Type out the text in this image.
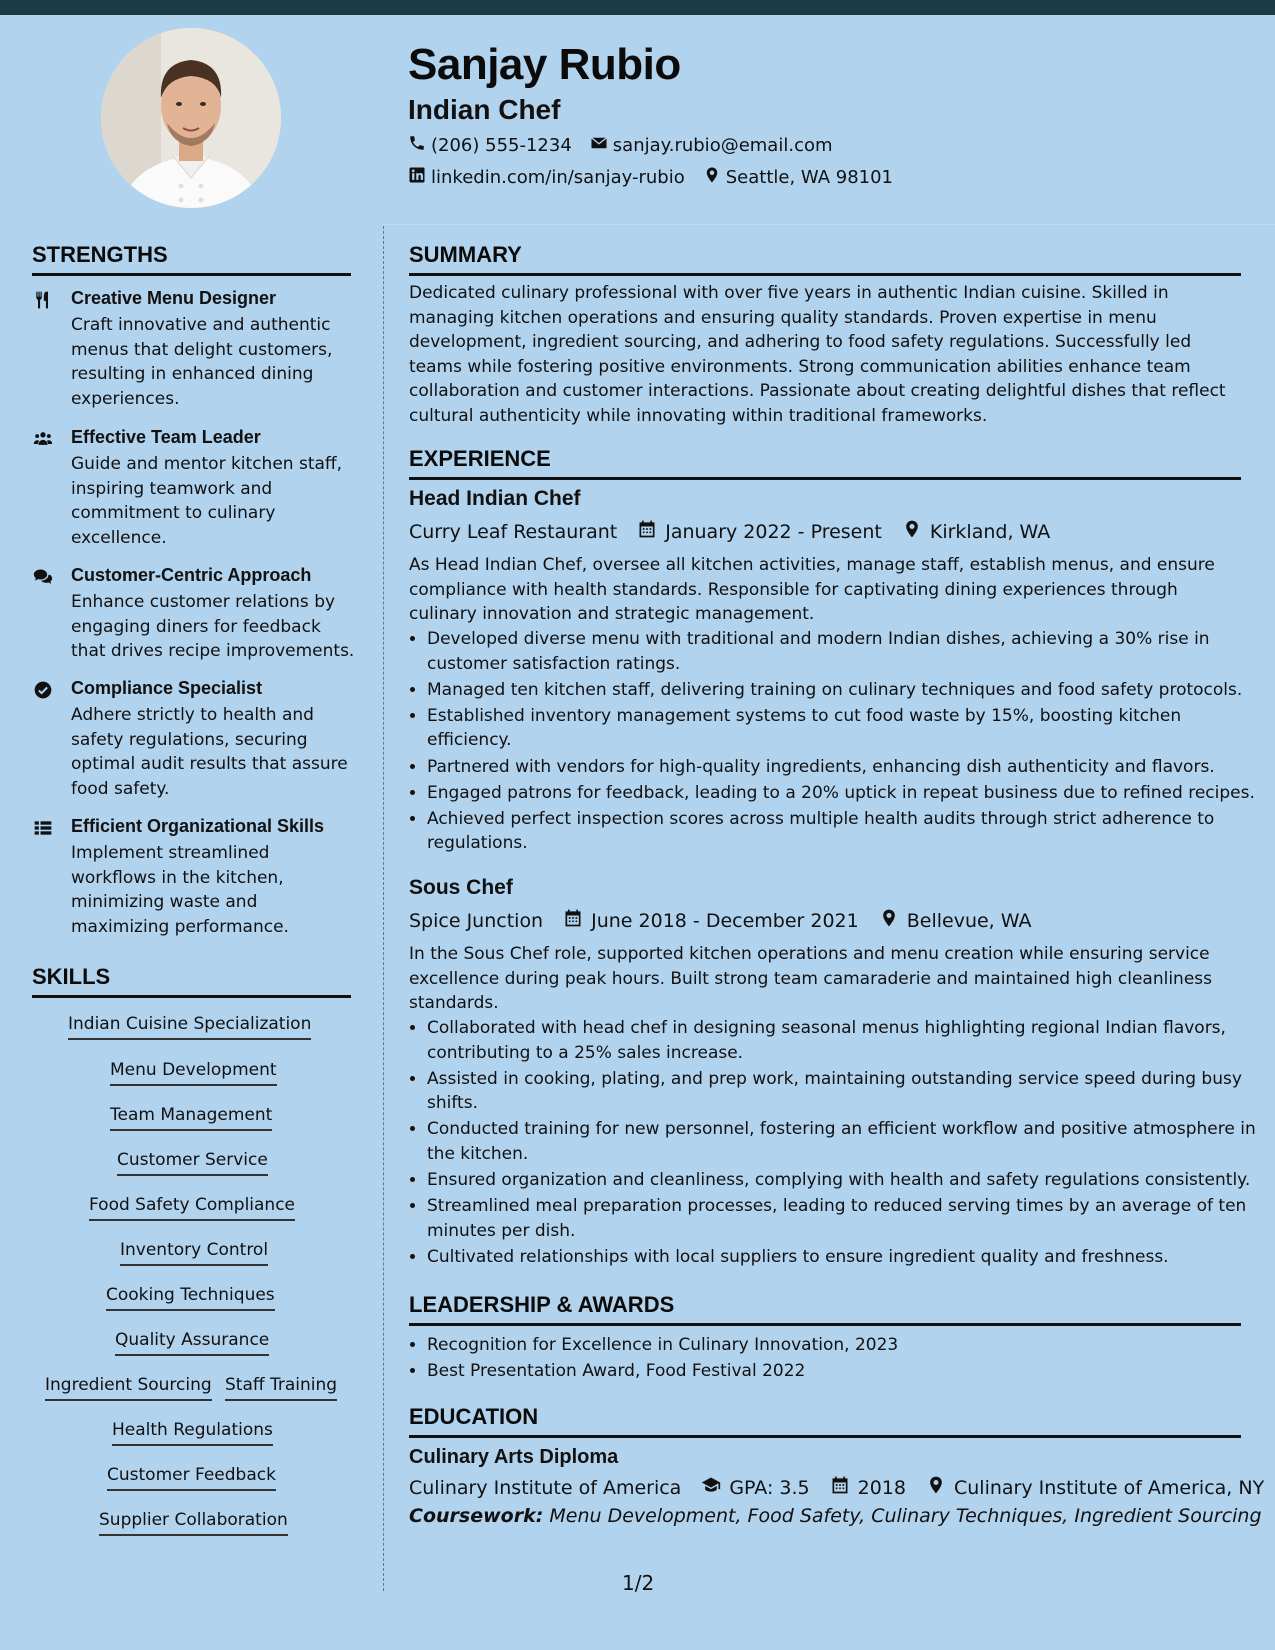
Sanjay Rubio
Indian Chef
(206) 555-1234 sanjay.rubio@email.com
linkedin.com/in/sanjay-rubio Seattle, WA 98101
STRENGTHS
Creative Menu Designer
Craft innovative and authentic menus that delight customers, resulting in enhanced dining experiences.
Effective Team Leader
Guide and mentor kitchen staff, inspiring teamwork and commitment to culinary excellence.
Customer-Centric Approach
Enhance customer relations by engaging diners for feedback that drives recipe improvements.
Compliance Specialist
Adhere strictly to health and safety regulations, securing optimal audit results that assure food safety.
Efficient Organizational Skills
Implement streamlined workflows in the kitchen, minimizing waste and maximizing performance.
SKILLS
Indian Cuisine Specialization
Menu Development
Team Management
Customer Service
Food Safety Compliance
Inventory Control
Cooking Techniques
Quality Assurance
Ingredient Sourcing Staff Training
Health Regulations
Customer Feedback
Supplier Collaboration
SUMMARY

Dedicated culinary professional with over five years in authentic Indian cuisine. Skilled in managing kitchen operations and ensuring quality standards. Proven expertise in menu development, ingredient sourcing, and adhering to food safety regulations. Successfully led teams while fostering positive environments. Strong communication abilities enhance team collaboration and customer interactions. Passionate about creating delightful dishes that reflect cultural authenticity while innovating within traditional frameworks.

EXPERIENCE
Head Indian Chef
Curry Leaf Restaurant	January 2022 - Present	Kirkland, WA

As Head Indian Chef, oversee all kitchen activities, manage staff, establish menus, and ensure compliance with health standards. Responsible for captivating dining experiences through culinary innovation and strategic management.

• Developed diverse menu with traditional and modern Indian dishes, achieving a 30% rise in customer satisfaction ratings.
• Managed ten kitchen staff, delivering training on culinary techniques and food safety protocols.
• Established inventory management systems to cut food waste by 15%, boosting kitchen efficiency.
• Partnered with vendors for high-quality ingredients, enhancing dish authenticity and flavors.
• Engaged patrons for feedback, leading to a 20% uptick in repeat business due to refined recipes.
• Achieved perfect inspection scores across multiple health audits through strict adherence to regulations.
Sous Chef
Spice Junction	June 2018 - December 2021	Bellevue, WA

In the Sous Chef role, supported kitchen operations and menu creation while ensuring service excellence during peak hours. Built strong team camaraderie and maintained high cleanliness standards.

• Collaborated with head chef in designing seasonal menus highlighting regional Indian flavors, contributing to a 25% sales increase.
• Assisted in cooking, plating, and prep work, maintaining outstanding service speed during busy shifts.
• Conducted training for new personnel, fostering an efficient workflow and positive atmosphere in the kitchen.
• Ensured organization and cleanliness, complying with health and safety regulations consistently.
• Streamlined meal preparation processes, leading to reduced serving times by an average of ten minutes per dish.
• Cultivated relationships with local suppliers to ensure ingredient quality and freshness.
LEADERSHIP & AWARDS
• Recognition for Excellence in Culinary Innovation, 2023
• Best Presentation Award, Food Festival 2022
EDUCATION
Culinary Arts Diploma
Culinary Institute of America	GPA: 3.5	2018	Culinary Institute of America, NY
Coursework: Menu Development, Food Safety, Culinary Techniques, Ingredient Sourcing
1/2
